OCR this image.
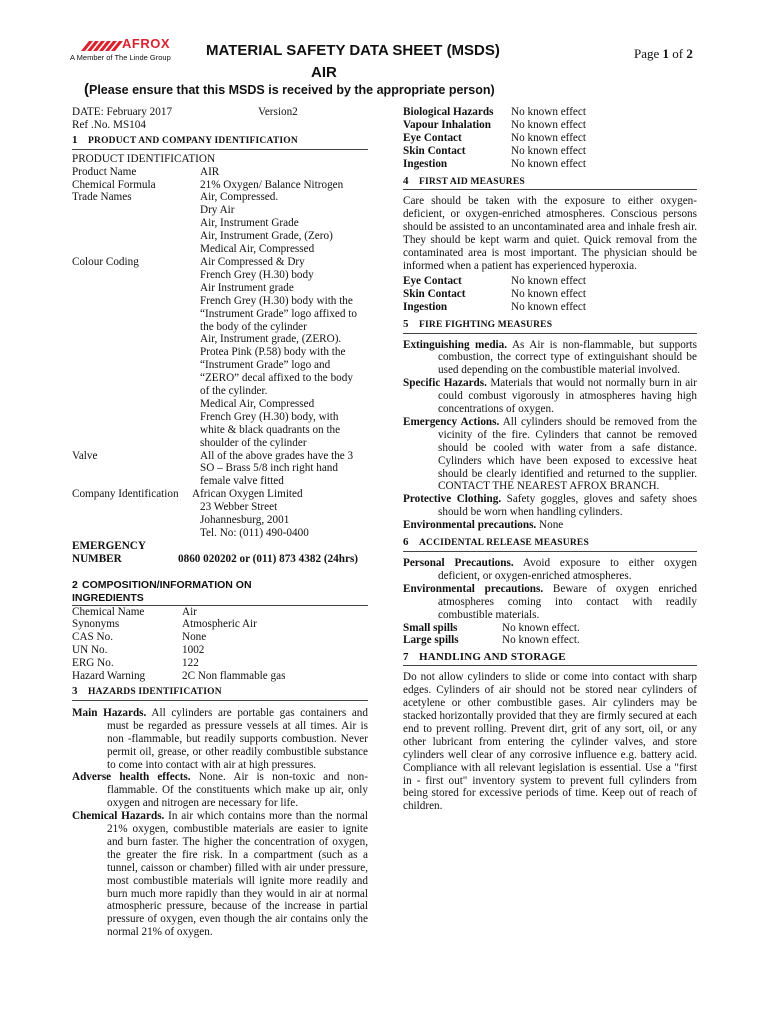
AFROX
A Member of The Linde Group MATERIAL SAFETY DATA SHEET (MSDS)	Page 1 of 2
AIR
(Please ensure that this MSDS is received by the appropriate person)
DATE: February 2017	Version2
Ref .No. MS104
1 PRODUCT AND COMPANY IDENTIFICATION
PRODUCT IDENTIFICATION
Product Name	AIR
Chemical Formula	21% Oxygen/ Balance Nitrogen
Trade Names	Air, Compressed.
Dry Air
Air, Instrument Grade
Air, Instrument Grade, (Zero)
Medical Air, Compressed
Colour Coding	Air Compressed & Dry
French Grey (H.30) body
Air Instrument grade
French Grey (H.30) body with the
“Instrument Grade” logo affixed to
the body of the cylinder
Air, Instrument grade, (ZERO).
Protea Pink (P.58) body with the
“Instrument Grade” logo and
“ZERO” decal affixed to the body
of the cylinder.
Medical Air, Compressed
French Grey (H.30) body, with
white & black quadrants on the
shoulder of the cylinder
Valve	All of the above grades have the 3
SO – Brass 5/8 inch right hand
female valve fitted
Company Identification	African Oxygen Limited
23 Webber Street
Johannesburg, 2001
Tel. No: (011) 490-0400
EMERGENCY
NUMBER	0860 020202 or (011) 873 4382 (24hrs)
2 COMPOSITION/INFORMATION ON
INGREDIENTS
Chemical Name	Air
Synonyms	Atmospheric Air
CAS No.	None
UN No.	1002
ERG No.	122
Hazard Warning	2C Non flammable gas
3 HAZARDS IDENTIFICATION
Main Hazards. All cylinders are portable gas containers and must be regarded as pressure vessels at all times. Air is non -flammable, but readily supports combustion. Never permit oil, grease, or other readily combustible substance to come into contact with air at high pressures.
Adverse health effects. None. Air is non-toxic and non-flammable. Of the constituents which make up air, only oxygen and nitrogen are necessary for life.
Chemical Hazards. In air which contains more than the normal 21% oxygen, combustible materials are easier to ignite and burn faster. The higher the concentration of oxygen, the greater the fire risk. In a compartment (such as a tunnel, caisson or chamber) filled with air under pressure, most combustible materials will ignite more readily and burn much more rapidly than they would in air at normal atmospheric pressure, because of the increase in partial pressure of oxygen, even though the air contains only the normal 21% of oxygen.
Biological Hazards	No known effect
Vapour Inhalation	No known effect
Eye Contact	No known effect
Skin Contact	No known effect
Ingestion	No known effect
4 FIRST AID MEASURES
Care should be taken with the exposure to either oxygen-deficient, or oxygen-enriched atmospheres. Conscious persons should be assisted to an uncontaminated area and inhale fresh air. They should be kept warm and quiet. Quick removal from the contaminated area is most important. The physician should be informed when a patient has experienced hyperoxia.
Eye Contact	No known effect
Skin Contact	No known effect
Ingestion	No known effect
5 FIRE FIGHTING MEASURES
Extinguishing media. As Air is non-flammable, but supports combustion, the correct type of extinguishant should be used depending on the combustible material involved.
Specific Hazards. Materials that would not normally burn in air could combust vigorously in atmospheres having high concentrations of oxygen.
Emergency Actions. All cylinders should be removed from the vicinity of the fire. Cylinders that cannot be removed should be cooled with water from a safe distance. Cylinders which have been exposed to excessive heat should be clearly identified and returned to the supplier. CONTACT THE NEAREST AFROX BRANCH.
Protective Clothing. Safety goggles, gloves and safety shoes should be worn when handling cylinders.
Environmental precautions. None
6 ACCIDENTAL RELEASE MEASURES
Personal Precautions. Avoid exposure to either oxygen deficient, or oxygen-enriched atmospheres.
Environmental precautions. Beware of oxygen enriched atmospheres coming into contact with readily combustible materials.
Small spills	No known effect.
Large spills	No known effect.
7 HANDLING AND STORAGE
Do not allow cylinders to slide or come into contact with sharp edges. Cylinders of air should not be stored near cylinders of acetylene or other combustible gases. Air cylinders may be stacked horizontally provided that they are firmly secured at each end to prevent rolling. Prevent dirt, grit of any sort, oil, or any other lubricant from entering the cylinder valves, and store cylinders well clear of any corrosive influence e.g. battery acid. Compliance with all relevant legislation is essential. Use a "first in - first out" inventory system to prevent full cylinders from being stored for excessive periods of time. Keep out of reach of children.
